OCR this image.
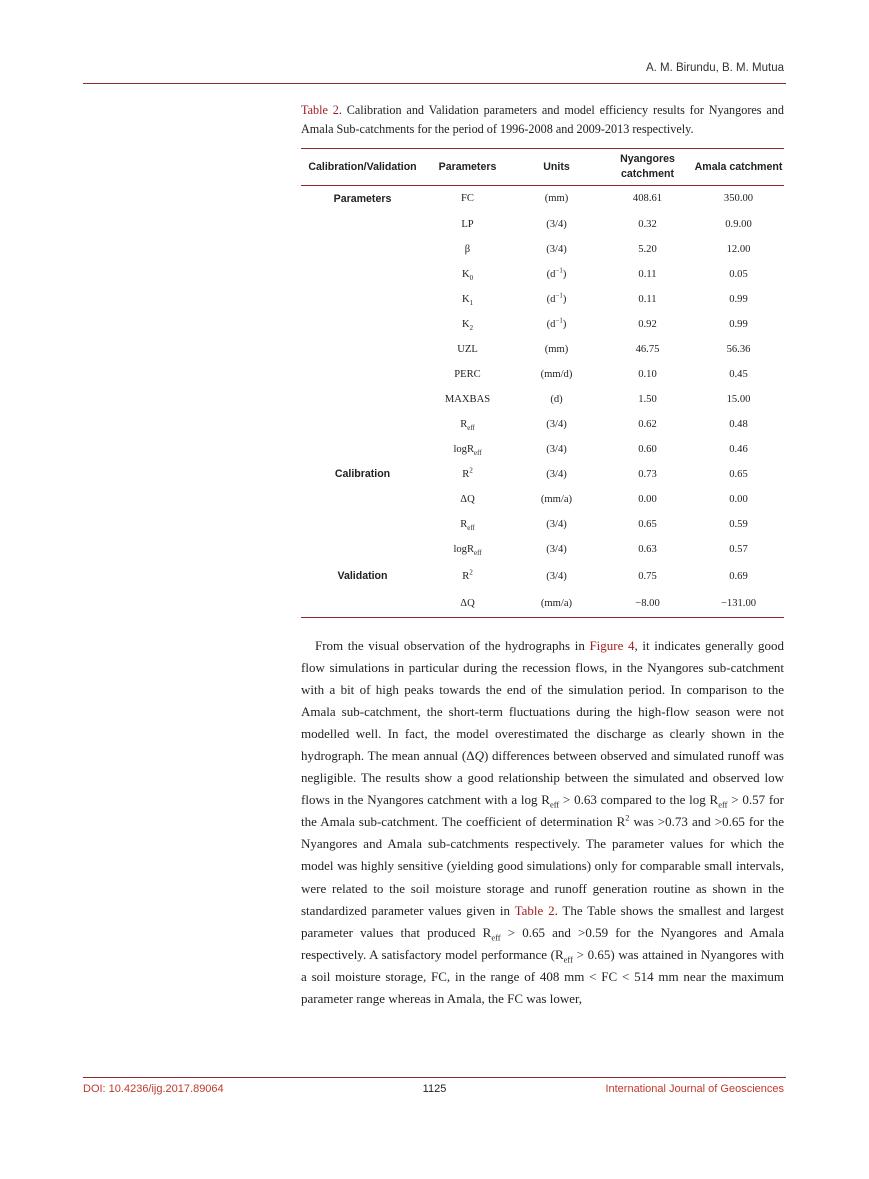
A. M. Birundu, B. M. Mutua
Table 2. Calibration and Validation parameters and model efficiency results for Nyangores and Amala Sub-catchments for the period of 1996-2008 and 2009-2013 respectively.
Calibration/Validation	Parameters	Units	Nyangores catchment	Amala catchment
Parameters	FC	(mm)	408.61	350.00
	LP	(3/4)	0.32	0.9.00
	β	(3/4)	5.20	12.00
	$K_0$	$(d^{-1})$	0.11	0.05
	$K_1$	$(d^{-1})$	0.11	0.99
	$K_2$	$(d^{-1})$	0.92	0.99
	UZL	(mm)	46.75	56.36
	PERC	(mm/d)	0.10	0.45
	MAXBAS	(d)	1.50	15.00
	$R_{eff}$	(3/4)	0.62	0.48
	logR$_{eff}$	(3/4)	0.60	0.46
Calibration	$R^2$	(3/4)	0.73	0.65
	ΔQ	(mm/a)	0.00	0.00
	$R_{eff}$	(3/4)	0.65	0.59
	logR$_{eff}$	(3/4)	0.63	0.57
Validation	$R^2$	(3/4)	0.75	0.69
	ΔQ	(mm/a)	−8.00	−131.00

From the visual observation of the hydrographs in Figure 4, it indicates generally good flow simulations in particular during the recession flows, in the Nyangores sub-catchment with a bit of high peaks towards the end of the simulation period. In comparison to the Amala sub-catchment, the short-term fluctuations during the high-flow season were not modelled well. In fact, the model overestimated the discharge as clearly shown in the hydrograph. The mean annual (ΔQ) differences between observed and simulated runoff was negligible. The results show a good relationship between the simulated and observed low flows in the Nyangores catchment with a $\log R_{eff} > 0.63$ compared to the $\log R_{eff} > 0.57$ for the Amala sub-catchment. The coefficient of determination $R^2$ was >0.73 and >0.65 for the Nyangores and Amala sub-catchments respectively. The parameter values for which the model was highly sensitive (yielding good simulations) only for comparable small intervals, were related to the soil moisture storage and runoff generation routine as shown in the standardized parameter values given in Table 2. The Table shows the smallest and largest parameter values that produced $R_{eff} > 0.65$ and >0.59 for the Nyangores and Amala respectively. A satisfactory model performance $(R_{eff} > 0.65)$ was attained in Nyangores with a soil moisture storage, FC, in the range of 408 mm < FC < 514 mm near the maximum parameter range whereas in Amala, the FC was lower,

DOI: 10.4236/ijg.2017.89064	1125	International Journal of Geosciences
